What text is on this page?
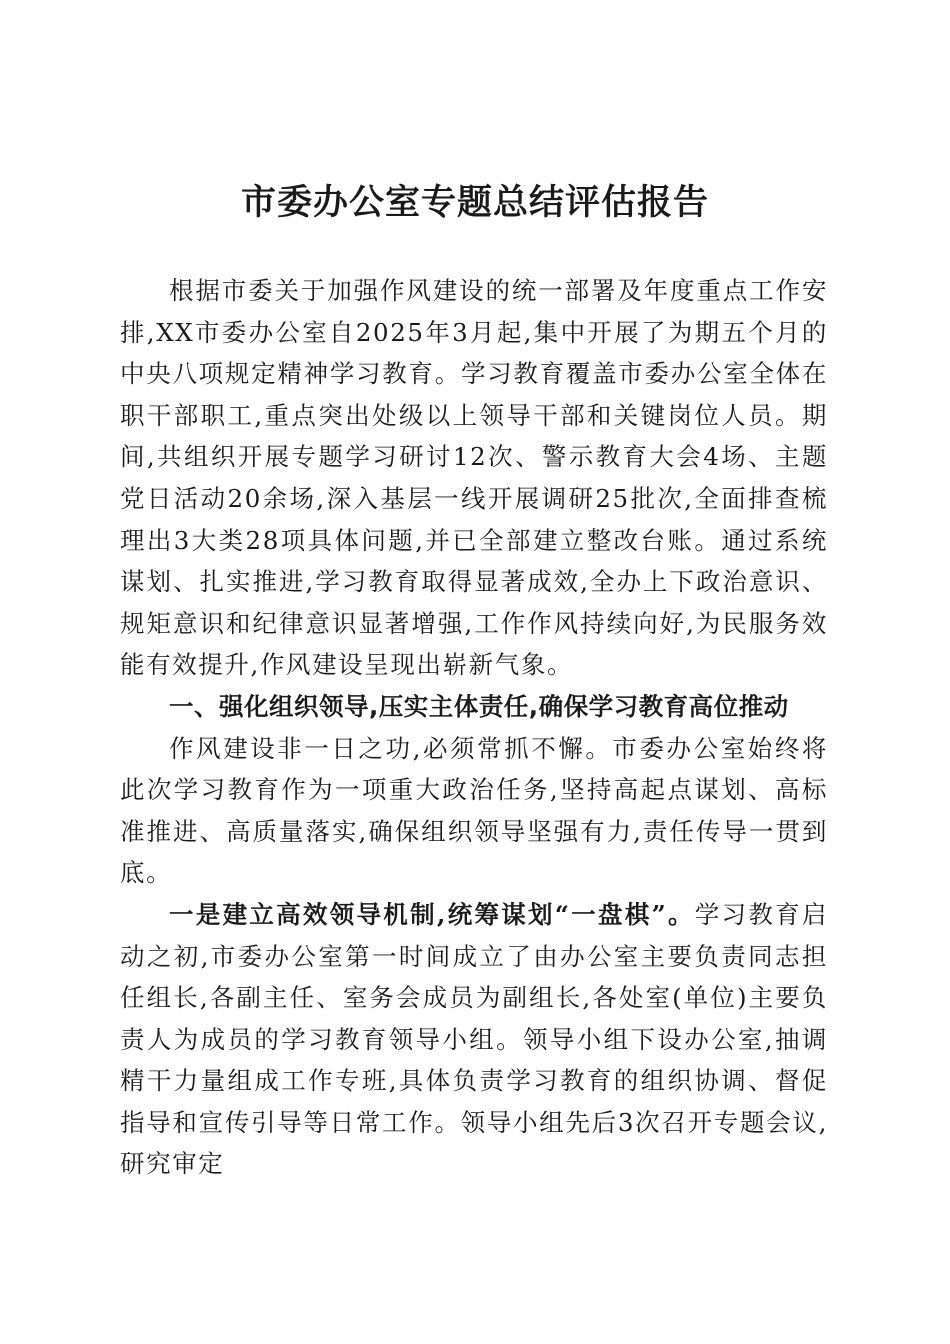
市委办公室专题总结评估报告

根据市委关于加强作风建设的统一部署及年度重点工作安排,XX市委办公室自2025年3月起,集中开展了为期五个月的中央八项规定精神学习教育。学习教育覆盖市委办公室全体在职干部职工,重点突出处级以上领导干部和关键岗位人员。期间,共组织开展专题学习研讨12次、警示教育大会4场、主题党日活动20余场,深入基层一线开展调研25批次,全面排查梳理出3大类28项具体问题,并已全部建立整改台账。通过系统谋划、扎实推进,学习教育取得显著成效,全办上下政治意识、规矩意识和纪律意识显著增强,工作作风持续向好,为民服务效能有效提升,作风建设呈现出崭新气象。

一、强化组织领导,压实主体责任,确保学习教育高位推动

作风建设非一日之功,必须常抓不懈。市委办公室始终将此次学习教育作为一项重大政治任务,坚持高起点谋划、高标准推进、高质量落实,确保组织领导坚强有力,责任传导一贯到底。

一是建立高效领导机制,统筹谋划“一盘棋”。学习教育启动之初,市委办公室第一时间成立了由办公室主要负责同志担任组长,各副主任、室务会成员为副组长,各处室(单位)主要负责人为成员的学习教育领导小组。领导小组下设办公室,抽调精干力量组成工作专班,具体负责学习教育的组织协调、督促指导和宣传引导等日常工作。领导小组先后3次召开专题会议,研究审定
